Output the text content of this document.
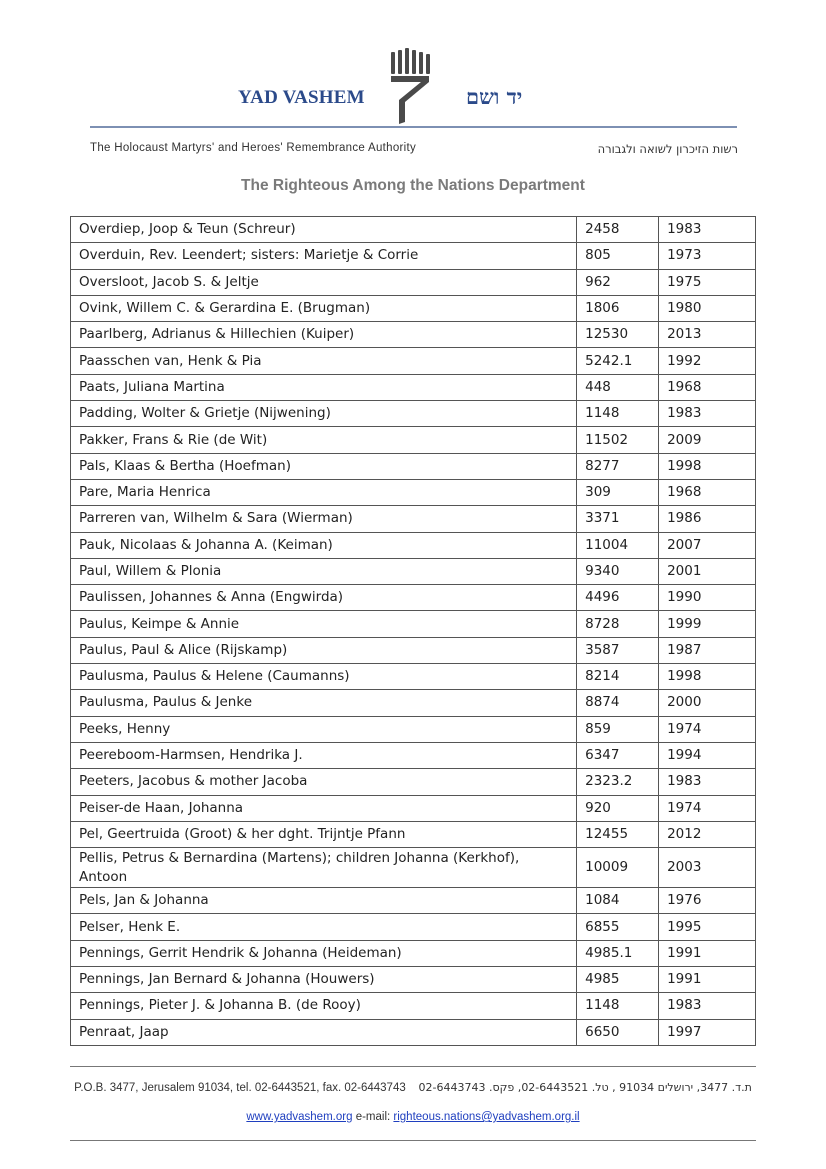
YAD VASHEM	יד ושם
The Holocaust Martyrs' and Heroes' Remembrance Authority	רשות הזיכרון לשואה ולגבורה
The Righteous Among the Nations Department
Overdiep, Joop & Teun (Schreur)	2458	1983
Overduin, Rev. Leendert; sisters: Marietje & Corrie	805	1973
Oversloot, Jacob S. & Jeltje	962	1975
Ovink, Willem C. & Gerardina E. (Brugman)	1806	1980
Paarlberg, Adrianus & Hillechien (Kuiper)	12530	2013
Paasschen van, Henk & Pia	5242.1	1992
Paats, Juliana Martina	448	1968
Padding, Wolter & Grietje (Nijwening)	1148	1983
Pakker, Frans & Rie (de Wit)	11502	2009
Pals, Klaas & Bertha (Hoefman)	8277	1998
Pare, Maria Henrica	309	1968
Parreren van, Wilhelm & Sara (Wierman)	3371	1986
Pauk, Nicolaas & Johanna A. (Keiman)	11004	2007
Paul, Willem & Plonia	9340	2001
Paulissen, Johannes & Anna (Engwirda)	4496	1990
Paulus, Keimpe & Annie	8728	1999
Paulus, Paul & Alice (Rijskamp)	3587	1987
Paulusma, Paulus & Helene (Caumanns)	8214	1998
Paulusma, Paulus & Jenke	8874	2000
Peeks, Henny	859	1974
Peereboom-Harmsen, Hendrika J.	6347	1994
Peeters, Jacobus & mother Jacoba	2323.2	1983
Peiser-de Haan, Johanna	920	1974
Pel, Geertruida (Groot) & her dght. Trijntje Pfann	12455	2012
Pellis, Petrus & Bernardina (Martens); children Johanna (Kerkhof), Antoon	10009	2003
Pels, Jan & Johanna	1084	1976
Pelser, Henk E.	6855	1995
Pennings, Gerrit Hendrik & Johanna (Heideman)	4985.1	1991
Pennings, Jan Bernard & Johanna (Houwers)	4985	1991
Pennings, Pieter J. & Johanna B. (de Rooy)	1148	1983
Penraat, Jaap	6650	1997
P.O.B. 3477, Jerusalem 91034, tel. 02-6443521, fax. 02-6443743 ת.ד. 3477, ירושלים 91034 , טל. 02-6443521, פקס. 02-6443743
www.yadvashem.org e-mail: righteous.nations@yadvashem.org.il
